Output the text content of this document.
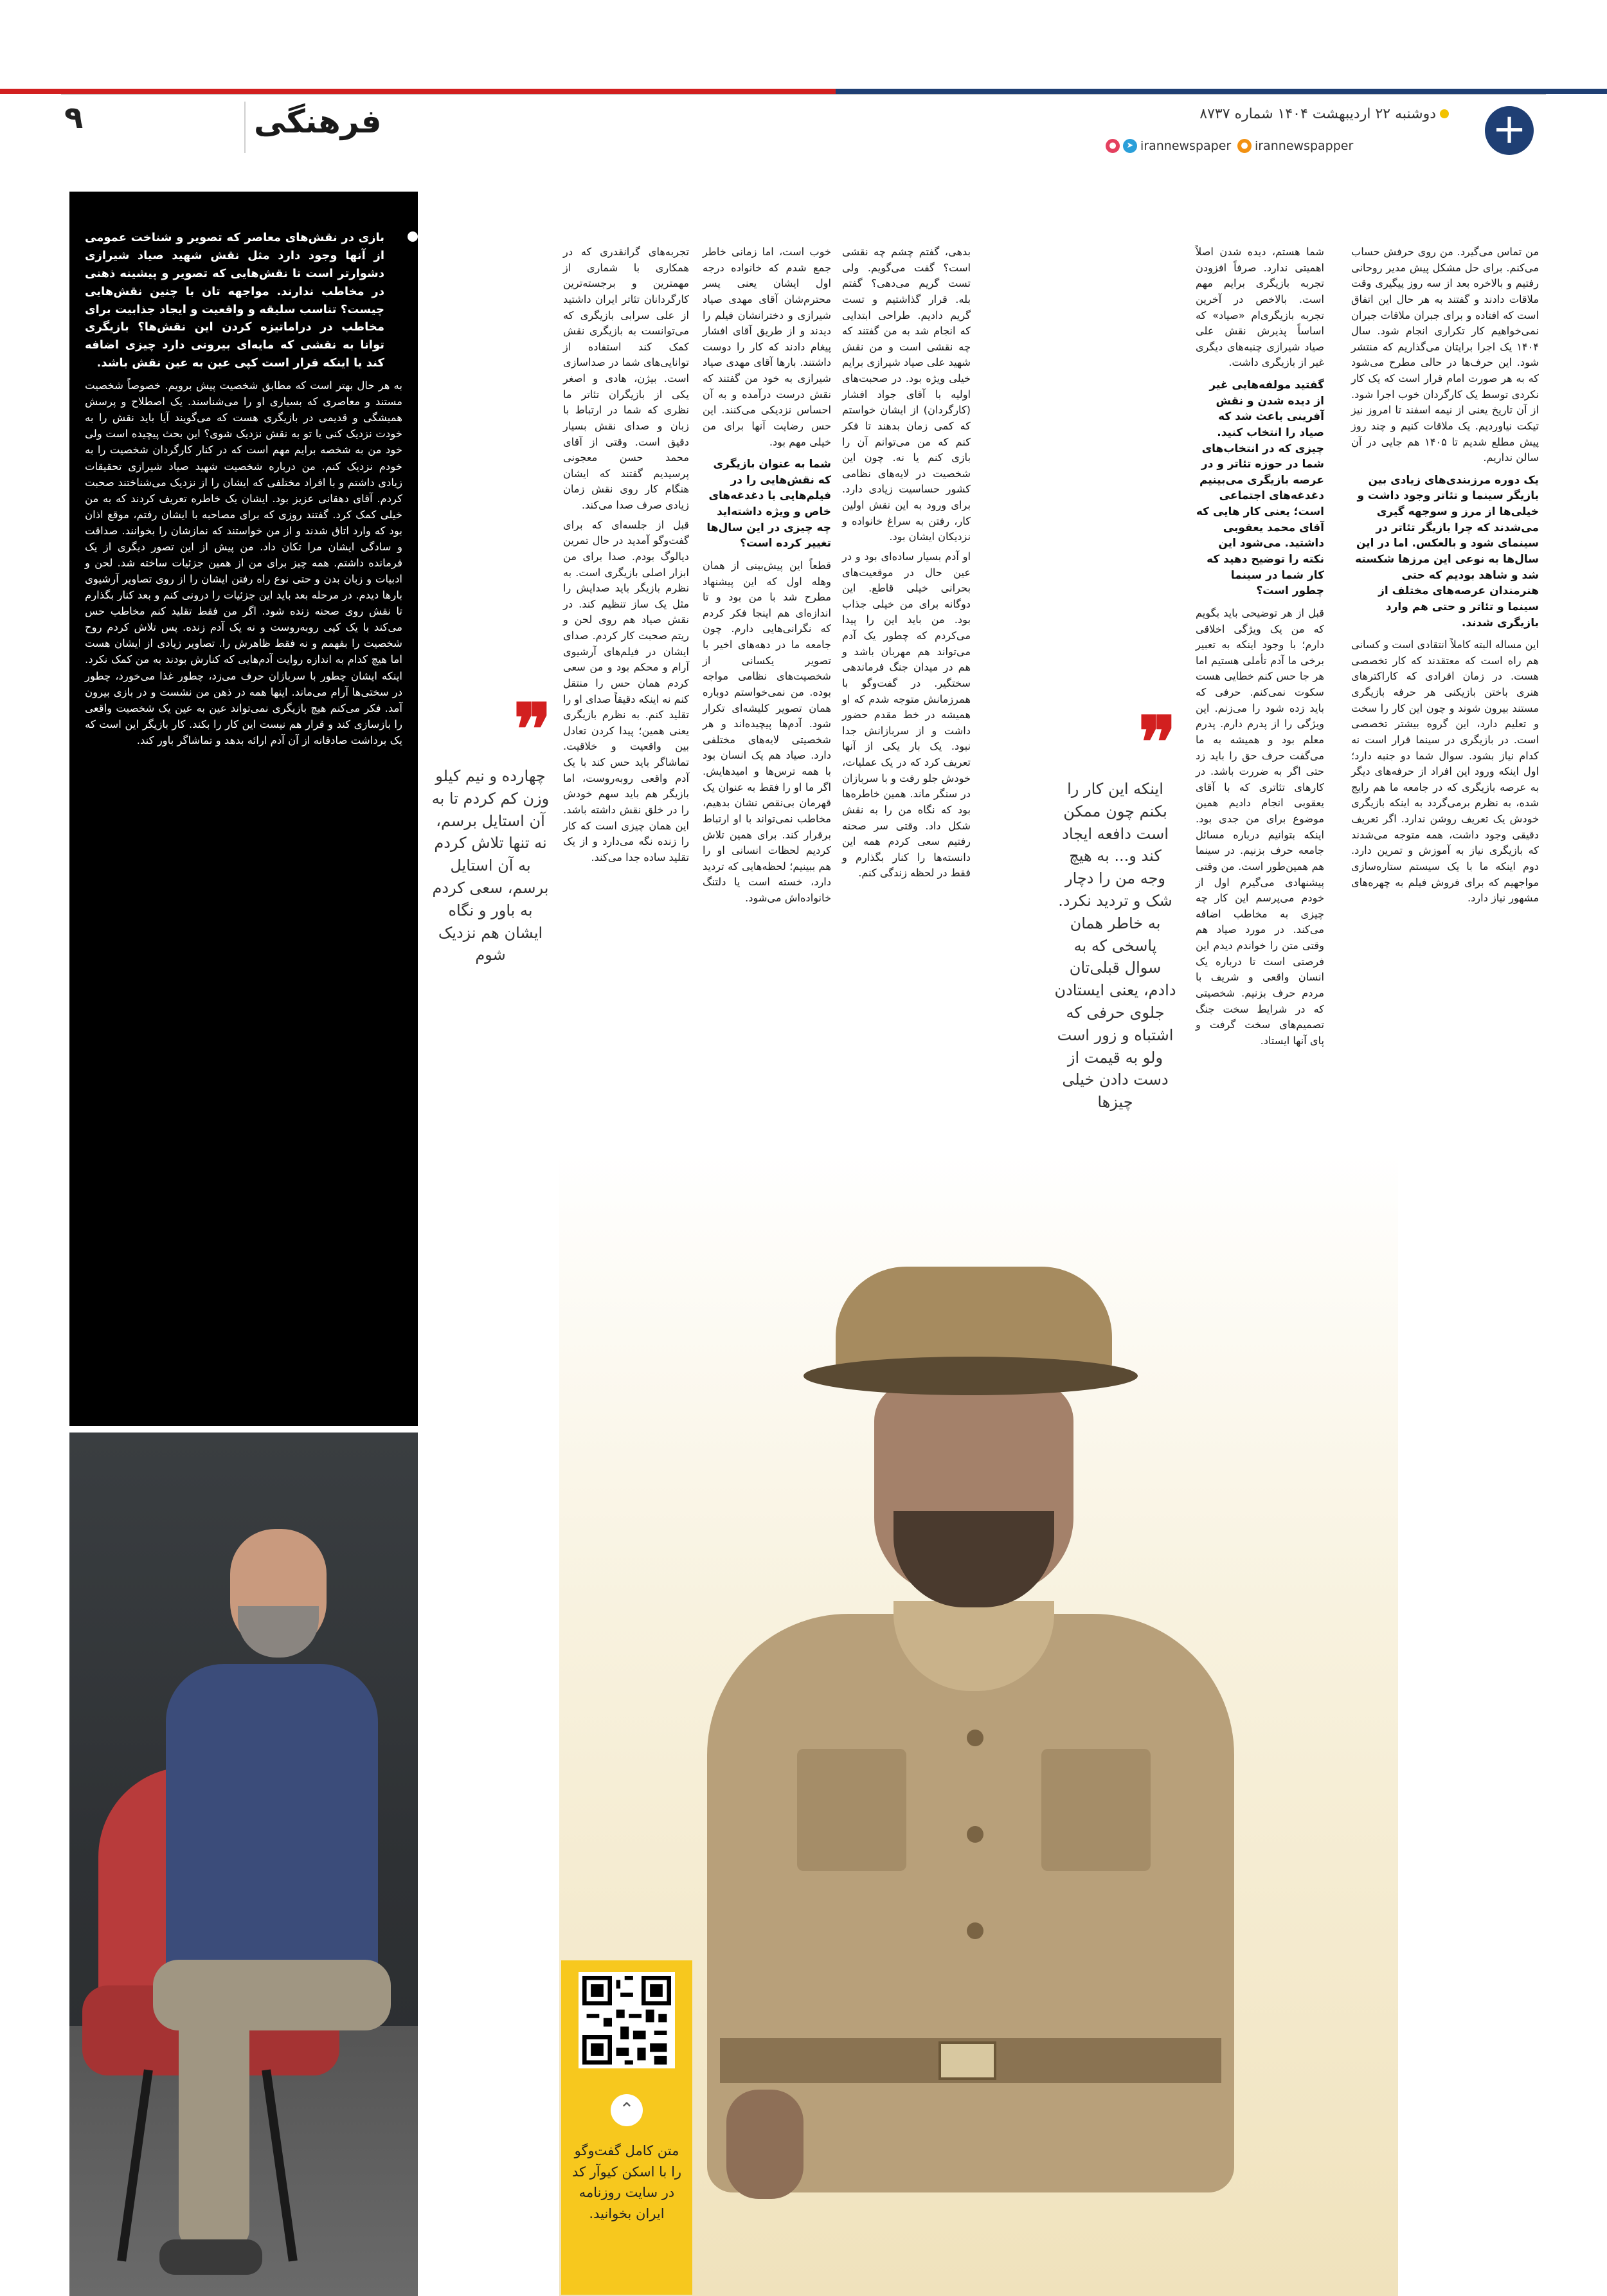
۹	فرهنگی	+
دوشنبه ۲۲ اردیبهشت ۱۴۰۴ شماره ۸۷۳۷
● irannewspapper
●	➤ irannewspaper
بازی در نقش‌های معاصر که تصویر و شناخت عمومی از آنها وجود دارد مثل نقش شهید صیاد شیرازی دشوارتر است تا نقش‌هایی که تصویر و پیشینه ذهنی در مخاطب ندارند. مواجهه تان با چنین نقش‌هایی چیست؟ تناسب سلیقه و واقعیت و ایجاد جذابیت برای مخاطب در دراماتیزه کردن این نقش‌ها؟ بازیگری توانا به نقشی که مایه‌ای بیرونی دارد چیزی اضافه کند یا اینکه قرار است کپی عین به عین نقش باشد.
به هر حال بهتر است که مطابق شخصیت پیش برویم. خصوصاً شخصیت مستند و معاصری که بسیاری او را می‌شناسند. یک اصطلاح و پرسش همیشگی و قدیمی در بازیگری هست که می‌گویند آیا باید نقش را به خودت نزدیک کنی یا تو به نقش نزدیک شوی؟ این بحث پیچیده است ولی خود من به شخصه برایم مهم است که در کنار کارگردان شخصیت را به خودم نزدیک کنم. من درباره شخصیت شهید صیاد شیرازی تحقیقات زیادی داشتم و با افراد مختلفی که ایشان را از نزدیک می‌شناختند صحبت کردم. آقای دهقانی عزیز بود. ایشان یک خاطره تعریف کردند که به من خیلی کمک کرد. گفتند روزی که برای مصاحبه با ایشان رفتم، موقع اذان بود که وارد اتاق شدند و از من خواستند که نمازشان را بخوانند. صداقت و سادگی ایشان مرا تکان داد. من پیش از این تصور دیگری از یک فرمانده داشتم. همه چیز برای من از همین جزئیات ساخته شد. لحن و ادبیات و زبان بدن و حتی نوع راه رفتن ایشان را از روی تصاویر آرشیوی بارها دیدم. در مرحله بعد باید این جزئیات را درونی کنم و بعد کنار بگذارم تا نقش روی صحنه زنده شود. اگر من فقط تقلید کنم مخاطب حس می‌کند با یک کپی روبه‌روست و نه یک آدم زنده. پس تلاش کردم روح شخصیت را بفهمم و نه فقط ظاهرش را. تصاویر زیادی از ایشان هست اما هیچ کدام به اندازه روایت آدم‌هایی که کنارش بودند به من کمک نکرد. اینکه ایشان چطور با سربازان حرف می‌زد، چطور غذا می‌خورد، چطور در سختی‌ها آرام می‌ماند. اینها همه در ذهن من نشست و در بازی بیرون آمد. فکر می‌کنم هیچ بازیگری نمی‌تواند عین به عین یک شخصیت واقعی را بازسازی کند و قرار هم نیست این کار را بکند. کار بازیگر این است که یک برداشت صادقانه از آن آدم ارائه بدهد و تماشاگر باور کند.	❞
چهارده و نیم کیلو وزن کم کردم تا به آن استایل برسم، نه تنها تلاش کردم به آن استایل برسم، سعی کردم به باور و نگاه ایشان هم نزدیک شوم
تجربه‌های گرانقدری که در همکاری با شماری از مهمترین و برجسته‌ترین کارگردانان تئاتر ایران داشتید از علی سرابی بازیگری که می‌توانست به بازیگری نقش کمک کند استفاده از توانایی‌های شما در صداسازی است. بیژن، هادی و اصغر یکی از بازیگران تئاتر ما نظری که شما در ارتباط با زبان و صدای نقش بسیار دقیق است. وقتی از آقای محمد حسن معجونی پرسیدیم گفتند که ایشان هنگام کار روی نقش زمان زیادی صرف صدا می‌کند.
قبل از جلسه‌ای که برای گفت‌وگو آمدید در حال تمرین دیالوگ بودم. صدا برای من ابزار اصلی بازیگری است. به نظرم بازیگر باید صدایش را مثل یک ساز تنظیم کند. در نقش صیاد هم روی لحن و ریتم صحبت کار کردم. صدای ایشان در فیلم‌های آرشیوی آرام و محکم بود و من سعی کردم همان حس را منتقل کنم نه اینکه دقیقاً صدای او را تقلید کنم. به نظرم بازیگری یعنی همین؛ پیدا کردن تعادل بین واقعیت و خلاقیت. تماشاگر باید حس کند با یک آدم واقعی روبه‌روست، اما بازیگر هم باید سهم خودش را در خلق نقش داشته باشد. این همان چیزی است که کار را زنده نگه می‌دارد و از یک تقلید ساده جدا می‌کند.
خوب است، اما زمانی خاطر جمع شدم که خانواده درجه اول ایشان یعنی پسر محترم‌شان آقای مهدی صیاد شیرازی و دخترانشان فیلم را دیدند و از طریق آقای افشار پیغام دادند که کار را دوست داشتند. بارها آقای مهدی صیاد شیرازی به خود من گفتند که نقش درست درآمده و به آن احساس نزدیکی می‌کنند. این حس رضایت آنها برای من خیلی مهم بود.
شما به عنوان بازیگری که نقش‌هایی را در فیلم‌هایی با دغدغه‌های خاص و ویژه داشته‌اید چه چیزی در این سال‌ها تغییر کرده است؟
قطعاً این پیش‌بینی از همان وهله اول که این پیشنهاد مطرح شد با من بود و تا اندازه‌ای هم اینجا فکر کردم که نگرانی‌هایی دارم. چون جامعه ما در دهه‌های اخیر با تصویر یکسانی از شخصیت‌های نظامی مواجه بوده. من نمی‌خواستم دوباره همان تصویر کلیشه‌ای تکرار شود. آدم‌ها پیچیده‌اند و هر شخصیتی لایه‌های مختلفی دارد. صیاد هم یک انسان بود با همه ترس‌ها و امیدهایش. اگر ما او را فقط به عنوان یک قهرمان بی‌نقص نشان بدهیم، مخاطب نمی‌تواند با او ارتباط برقرار کند. برای همین تلاش کردیم لحظات انسانی او را هم ببینیم؛ لحظه‌هایی که تردید دارد، خسته است یا دلتنگ خانواده‌اش می‌شود.
بدهی، گفتم چشم چه نقشی است؟ گفت می‌گویم. ولی تست گریم می‌دهی؟ گفتم بله. قرار گذاشتیم و تست گریم دادیم. طراحی ابتدایی که انجام شد به من گفتند که چه نقشی است و من نقش شهید علی صیاد شیرازی برایم خیلی ویژه بود. در صحبت‌های اولیه با آقای جواد افشار (کارگردان) از ایشان خواستم که کمی زمان بدهند تا فکر کنم که من می‌توانم آن را بازی کنم یا نه. چون این شخصیت در لایه‌های نظامی کشور حساسیت زیادی دارد. برای ورود به این نقش اولین کار، رفتن به سراغ خانواده و نزدیکان ایشان بود.
او آدم بسیار ساده‌ای بود و در عین حال در موقعیت‌های بحرانی خیلی قاطع. این دوگانه برای من خیلی جذاب بود. من باید این را پیدا می‌کردم که چطور یک آدم می‌تواند هم مهربان باشد و هم در میدان جنگ فرماندهی سختگیر. در گفت‌وگو با همرزمانش متوجه شدم که او همیشه در خط مقدم حضور داشت و از سربازانش جدا نبود. یک بار یکی از آنها تعریف کرد که در یک عملیات، خودش جلو رفت و با سربازان در سنگر ماند. همین خاطره‌ها بود که نگاه من را به نقش شکل داد. وقتی سر صحنه رفتیم سعی کردم همه این دانسته‌ها را کنار بگذارم و فقط در لحظه زندگی کنم.
❞
اینکه این کار را بکنم چون ممکن است دافعه ایجاد کند و... به هیچ وجه من را دچار شک و تردید نکرد. به خاطر همان پاسخی که به سوال قبلی‌تان دادم، یعنی ایستادن جلوی حرفی که اشتباه و زور است ولو به قیمت از دست دادن خیلی چیزها
شما هستم، دیده شدن اصلاً اهمیتی ندارد. صرفاً افزودن تجربه بازیگری برایم مهم است. بالاخص در آخرین تجربه بازیگری‌ام «صیاد» که اساساً پذیرش نقش علی صیاد شیرازی چنبه‌های دیگری غیر از بازیگری داشت.
گفتید مولفه‌هایی غیر از دیده شدن و نقش آفرینی باعث شد که صیاد را انتخاب کنید. چیزی که در انتخاب‌های شما در حوزه تئاتر و در عرصه بازیگری می‌بینیم دغدغه‌های اجتماعی است؛ یعنی کار هایی که آقای محمد یعقوبی داشتید. می‌شود این نکته را توضیح دهید که کار شما در سینما چطور است؟
قبل از هر توضیحی باید بگویم که من یک ویژگی اخلاقی دارم؛ با وجود اینکه به تعبیر برخی ما آدم تأملی هستیم اما هر جا حس کنم خطایی هست سکوت نمی‌کنم. حرفی که باید زده شود را می‌زنم. این ویژگی را از پدرم دارم. پدرم معلم بود و همیشه به ما می‌گفت حرف حق را باید زد حتی اگر به ضررت باشد. در کارهای تئاتری که با آقای یعقوبی انجام دادیم همین موضوع برای من جدی بود. اینکه بتوانیم درباره مسائل جامعه حرف بزنیم. در سینما هم همین‌طور است. من وقتی پیشنهادی می‌گیرم اول از خودم می‌پرسم این کار چه چیزی به مخاطب اضافه می‌کند. در مورد صیاد هم وقتی متن را خواندم دیدم این فرصتی است تا درباره یک انسان واقعی و شریف با مردم حرف بزنیم. شخصیتی که در شرایط سخت جنگ تصمیم‌های سخت گرفت و پای آنها ایستاد.
من تماس می‌گیرد. من روی حرفش حساب می‌کنم. برای حل مشکل پیش مدیر روحانی رفتیم و بالاخره بعد از سه روز پیگیری وقت ملاقات دادند و گفتند به هر حال این اتفاق است که افتاده و برای جبران ملاقات جبران نمی‌خواهیم کار تکراری انجام شود. سال ۱۴۰۴ یک اجرا برایتان می‌گذاریم که منتشر شود. این حرف‌ها در حالی مطرح می‌شود که به هر صورت امام قرار است که یک کار نکردی توسط یک کارگردان خوب اجرا شود. از آن تاریخ یعنی از نیمه اسفند تا امروز نیز تیکت نیاوردیم. یک ملاقات کنیم و چند روز پیش مطلع شدیم تا ۱۴۰۵ هم جایی در آن سالن نداریم.
یک دوره مرزبندی‌های زیادی بین بازیگر سینما و تئاتر وجود داشت و خیلی‌ها از مرز و سوجهه گیری می‌شدند که چرا بازیگر تئاتر در سینما‌ی شود و بالعکس. اما در این سال‌ها به نوعی این مرزها شکسته شد و شاهد بودیم که حتی هنرمندان عرصه‌های مختلف از سینما و تئاتر و حتی هم وارد بازیگری شدند.
این مساله البته کاملاً انتقادی است و کسانی هم راه است که معتقدند که کار تخصصی هست. در زمان افرادی که کاراکترهای هنری باختن بازیکنی هر حرفه بازیگری مستند بیرون شوند و چون این کار را سخت و تعلیم دارد، این گروه بیشتر تخصصی است. در بازیگری در سینما قرار است نه کدام نیاز بشود. سوال شما دو جنبه دارد؛ اول اینکه ورود این افراد از حرفه‌های دیگر به عرصه بازیگری که در جامعه ما هم رایج شده، به نظرم برمی‌گردد به اینکه بازیگری خودش یک تعریف روشن ندارد. اگر تعریف دقیقی وجود داشت، همه متوجه می‌شدند که بازیگری نیاز به آموزش و تمرین دارد. دوم اینکه ما با یک سیستم ستاره‌سازی مواجهیم که برای فروش فیلم به چهره‌های مشهور نیاز دارد.
⌃
متن کامل گفت‌وگو را با اسکن کیوآر کد در سایت روزنامه ایران بخوانید.
